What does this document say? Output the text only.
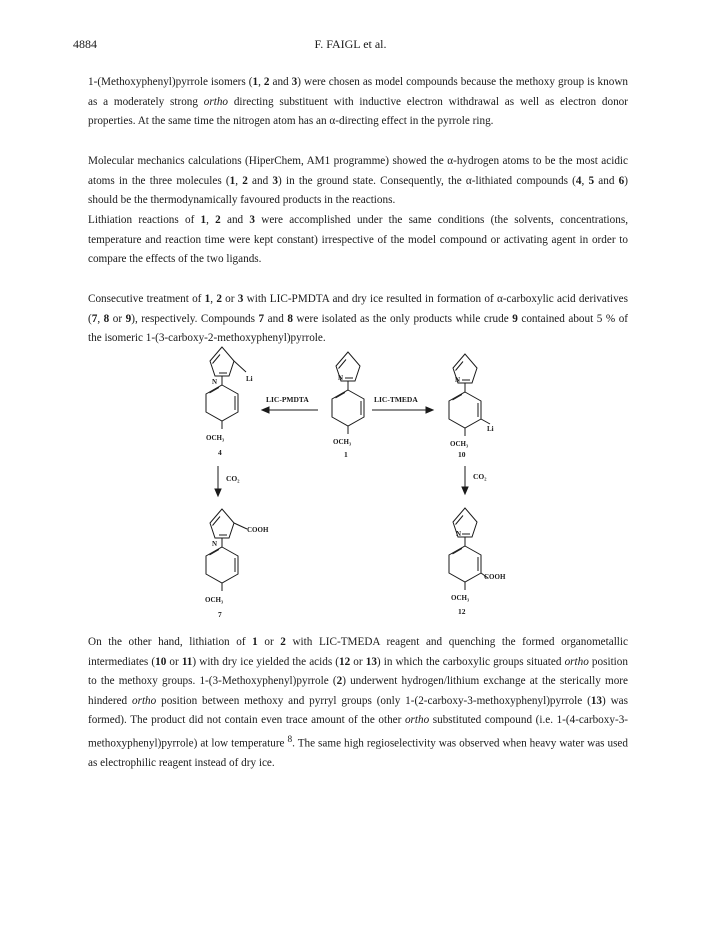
4884	F. FAIGL et al.

1-(Methoxyphenyl)pyrrole isomers (1, 2 and 3) were chosen as model compounds because the methoxy group is known as a moderately strong ortho directing substituent with inductive electron withdrawal as well as electron donor properties. At the same time the nitrogen atom has an α-directing effect in the pyrrole ring.

Molecular mechanics calculations (HiperChem, AM1 programme) showed the α-hydrogen atoms to be the most acidic atoms in the three molecules (1, 2 and 3) in the ground state. Consequently, the α-lithiated compounds (4, 5 and 6) should be the thermodynamically favoured products in the reactions.

Lithiation reactions of 1, 2 and 3 were accomplished under the same conditions (the solvents, concentrations, temperature and reaction time were kept constant) irrespective of the model compound or activating agent in order to compare the effects of the two ligands.

Consecutive treatment of 1, 2 or 3 with LIC-PMDTA and dry ice resulted in formation of α-carboxylic acid derivatives (7, 8 or 9), respectively. Compounds 7 and 8 were isolated as the only products while crude 9 contained about 5 % of the isomeric 1-(3-carboxy-2-methoxyphenyl)pyrrole.

N	Li	N	N
Li
N
N
OCH₃	OCH₃	OCH₃
OCH₃	OCH₃
COOH
COOH
LIC-PMDTA	LIC-TMEDA
CO₂	CO₂
4	1	10
7	12

On the other hand, lithiation of 1 or 2 with LIC-TMEDA reagent and quenching the formed organometallic intermediates (10 or 11) with dry ice yielded the acids (12 or 13) in which the carboxylic groups situated ortho position to the methoxy groups. 1-(3-Methoxyphenyl)pyrrole (2) underwent hydrogen/lithium exchange at the sterically more hindered ortho position between methoxy and pyrryl groups (only 1-(2-carboxy-3-methoxyphenyl)pyrrole (13) was formed). The product did not contain even trace amount of the other ortho substituted compound (i.e. 1-(4-carboxy-3-methoxyphenyl)pyrrole) at low temperature $^8$. The same high regioselectivity was observed when heavy water was used as electrophilic reagent instead of dry ice.
